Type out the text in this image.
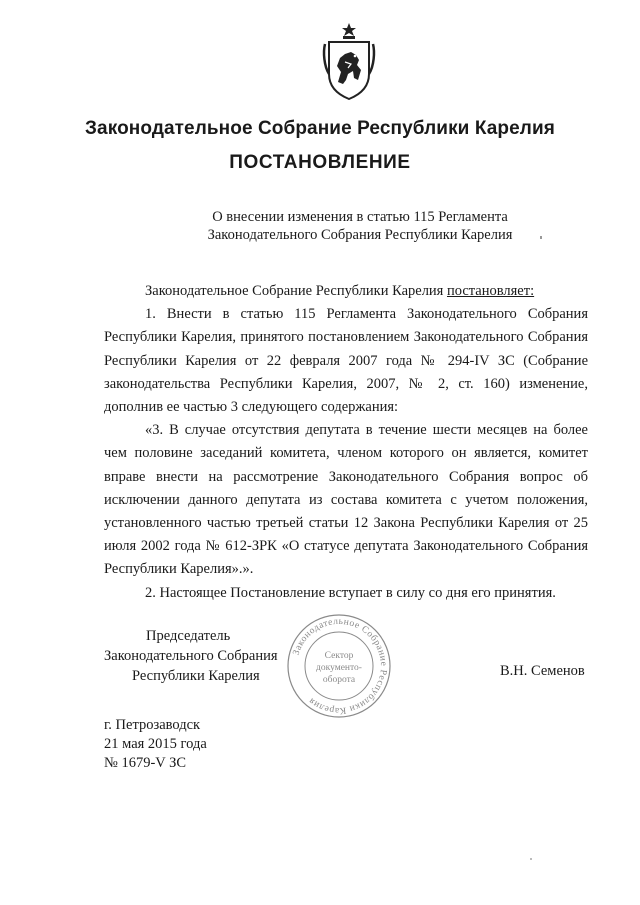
Законодательное Собрание Республики Карелия
ПОСТАНОВЛЕНИЕ
О внесении изменения в статью 115 Регламента
Законодательного Собрания Республики Карелия

Законодательное Собрание Республики Карелия постановляет:

1. Внести в статью 115 Регламента Законодательного Собрания Республики Карелия, принятого постановлением Законодательного Собрания Республики Карелия от 22 февраля 2007 года № 294-IV ЗС (Собрание законодательства Республики Карелия, 2007, № 2, ст. 160) изменение, дополнив ее частью 3 следующего содержания:

«3. В случае отсутствия депутата в течение шести месяцев на более чем половине заседаний комитета, членом которого он является, комитет вправе внести на рассмотрение Законодательного Собрания вопрос об исключении данного депутата из состава комитета с учетом положения, установленного частью третьей статьи 12 Закона Республики Карелия от 25 июля 2002 года № 612-ЗРК «О статусе депутата Законодательного Собрания Республики Карелия».».

2. Настоящее Постановление вступает в силу со дня его принятия.

Председатель
Законодательного Собрания
Республики Карелия	В.Н. Семенов
Законодательное Собрание Республики Карелия
Сектор
документо-
оборота
г. Петрозаводск
21 мая 2015 года
№ 1679-V ЗС
